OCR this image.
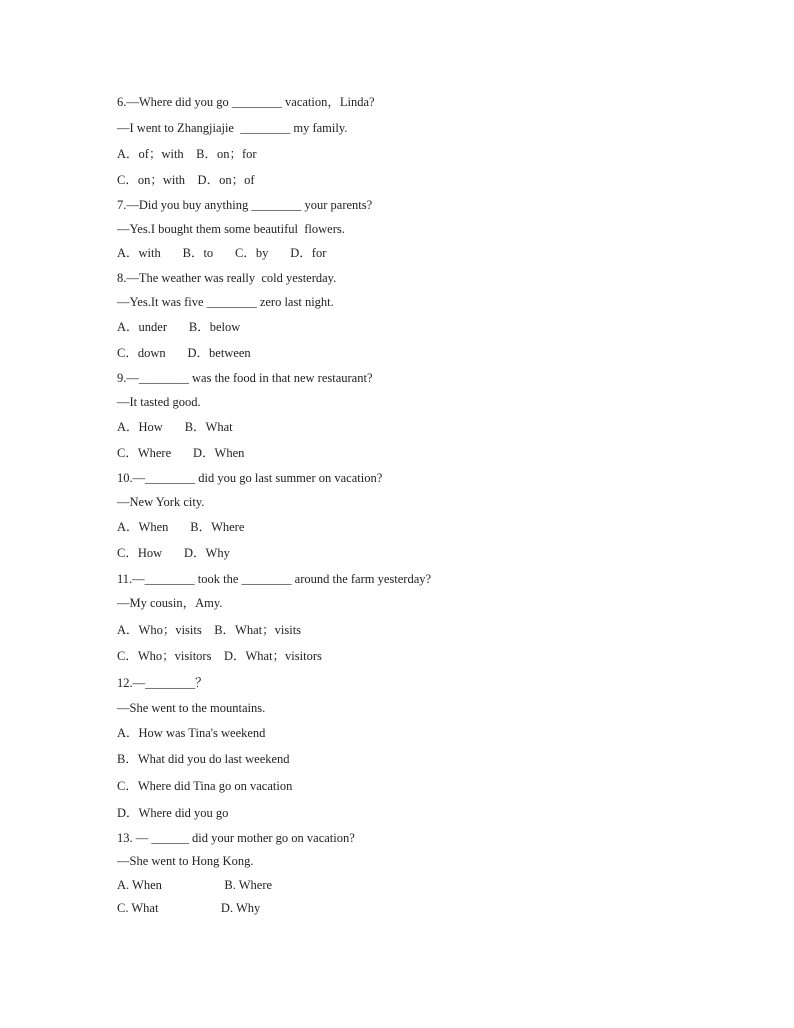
6.—Where did you go ________ vacation，Linda?
—I went to Zhangjiajie  ________ my family.
A．of；with    B．on；for
C．on；with    D．on；of
7.—Did you buy anything ________ your parents?
—Yes.I bought them some beautiful  flowers.
A．with       B．to       C．by       D．for
8.—The weather was really  cold yesterday.
—Yes.It was five ________ zero last night.
A．under       B．below
C．down       D．between
9.—________ was the food in that new restaurant?
—It tasted good.
A．How       B．What
C．Where       D．When
10.—________ did you go last summer on vacation?
—New York city.
A．When       B．Where
C．How       D．Why
11.—________ took the ________ around the farm yesterday?
—My cousin，Amy.
A．Who；visits    B．What；visits
C．Who；visitors    D．What；visitors
12.—________？
—She went to the mountains.
A．How was Tina's weekend
B．What did you do last weekend
C．Where did Tina go on vacation
D．Where did you go
13. — ______ did your mother go on vacation?
—She went to Hong Kong.
A. When                    B. Where
C. What                    D. Why
